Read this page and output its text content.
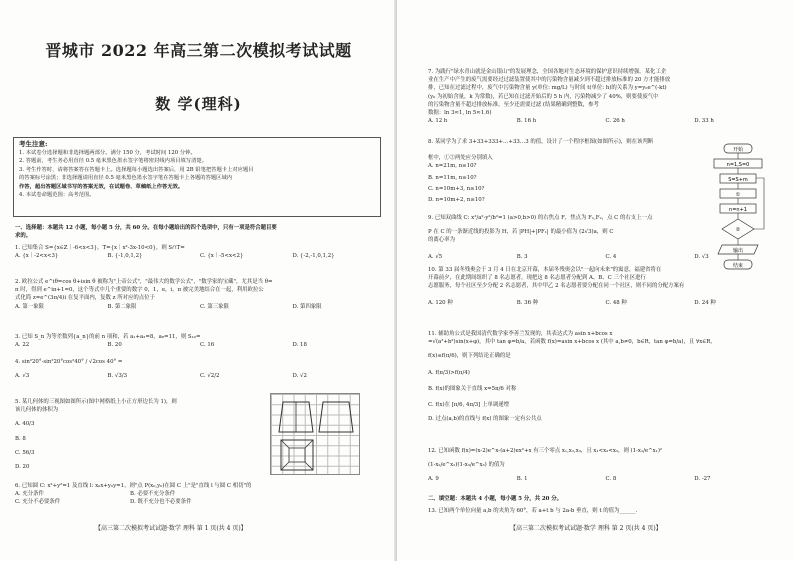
晋城市 2022 年高三第二次模拟考试试题
数 学(理科)
考生注意:
1. 本试卷分选择题和非选择题两部分。满分 150 分，考试时间 120 分钟。
2. 答题前，考生务必用直径 0.5 毫米黑色墨水签字笔将密封线内项目填写清楚。
3. 考生作答时，请将答案答在答题卡上。选择题每小题选出答案后，用 2B 铅笔把答题卡上对应题目
的答案标号涂黑；非选择题请用直径 0.5 毫米黑色墨水签字笔在答题卡上各题的答题区域内
作答，超出答题区域书写的答案无效，在试题卷、草稿纸上作答无效。
4. 本试卷命题范围：高考范围。
一、选择题：本题共 12 小题，每小题 5 分，共 60 分。在每小题给出的四个选项中，只有一项是符合题目要
求的。
1. 已知集合 S={x∈Z｜-6<x<3}，T={x｜x²-3x-10<0}，则 S∩T=
A. {x｜-2<x<3}	B. {-1,0,1,2}	C. {x｜-5<x<2}	D. {-2,-1,0,1,2}
2. 欧拉公式 e^iθ=cos θ+isin θ 被称为"上帝公式"，"最伟大的数学公式"，"数学家的宝藏"，尤其是当 θ=
π 时，得到 e^iπ+1=0，这个等式中几个重要的数字 0，1，e，i，π 被完美地结合在一起，利用欧拉公
式化简 z=e^(3π/4)i 在复平面内，复数 z 所对应的点位于
A. 第一象限	B. 第二象限	C. 第三象限	D. 第四象限
3. 已知 S_n 为等差数列{a_n}的前 n 项和，若 a₁+a₃=8，a₈=11，则 S₁₀=
A. 22	B. 20	C. 16	D. 18
4. sin²20°-sin²20°cos²40° / √2cos 40° =
A. √3	B. √3/3	C. √2/2	D. √2
5. 某几何体的三视图如图所示(图中网格纸上小正方形边长为 1)，则
该几何体的体积为
A. 40/3
B. 8
C. 56/3
D. 20
6. 已知圆 C: x²+y²=1 及直线 l: x₀x+y₀y=1，则"点 P(x₀,y₀)在圆 C 上"是"直线 l 与圆 C 相切"的
A. 充分条件	B. 必要不充分条件
C. 充分不必要条件	D. 既不充分也不必要条件
【高三第二次模拟考试试题·数学 理科 第 1 页(共 4 页)】
7. 为践行"绿水青山就是金山银山"的发展理念，全国各地对生态环境的保护意识持续增强。某化工企
业在生产中产生的废气需要经过过滤装置使其中的污染物含量减少到不超过排放标准的 20 方才能排放
排，已知在过滤过程中，废气中污染物含量 y(单位: mg/L) 与时间 t(单位: h)的关系为 y=y₀e^(-kt)
(y₀ 为初始含量，k 为常数)，若已知在过滤开始后的 5 h 内，污染物减少了 40%，则要使废气中
的污染物含量不超过排放标准，至少还需要过滤 (结果精确到整数，参考
数据：ln 3≈1, ln 5≈1.6)
A. 12 h	B. 16 h	C. 26 h	D. 33 h
8. 某同学为了求 3+33+333+…+33…3 的值，设计了一个程序框图(如图所示)，则在该判断
框中，①②两处应分别填入
A. n=21m, n≥10?
B. n=11m, n≥10?
C. n=10m+3, n≥10?
D. n=10m+2, n≥10?
开始
n=1,S=0
S=S+m
①
n=n+1
②
输出
结束
9. 已知双曲线 C: x²/a²-y²/b²=1 (a>0,b>0) 的右焦点 F，焦点为 F₁,F₂，点 C 的右支上一点
P 在 C 的一条渐近线的投影为 H，若 |PH|+|PF₁| 的最小值为 (2√3)a，则 C
的离心率为
A. √5	B. 3	C. 4	D. √3
10. 第 33 届冬残奥会于 3 月 4 日在北京开幕，本届冬残奥会以"一起向未来"的寓意，福建省将在
开幕前夕，在此期间组织了 8 名志愿者，现把这 8 名志愿者分配到 A、B、C 三个社区进行
志愿服务，每个社区至少分配 2 名志愿者，其中甲乙 2 名志愿者要分配在同一个社区，则不同的分配方案有
A. 120 种	B. 36 种	C. 48 种	D. 24 种
11. 辅助角公式是我国清代数学家李善兰发现的，其表达式为 asin x+bcos x
=√(a²+b²)sin(x+φ)，其中 tan φ=b/a，若函数 f(x)=asin x+bcos x (其中 a,b≠0，b∈R，tan φ=b/a)，且 ∀x∈R，
f(x)≤f(π/6)，则下列结论正确的是
A. f(π/3)>f(π/4)
B. f(x)的图象关于直线 x=5π/6 对称
C. f(x)在 [π/6, 4π/3] 上单调递增
D. 过点(a,b)的直线与 f(x) 的图象一定有公共点
12. 已知函数 f(x)=(x-2)e^x-(a+2)ex²+x 有三个零点 x₁,x₂,x₃，且 x₁<x₂<x₃，则 (1-x₁/e^x₁)²
(1-x₂/e^x₂)(1-x₃/e^x₃) 的值为
A. 9	B. 1	C. 8	D. -27
二、填空题：本题共 4 小题，每小题 5 分，共 20 分。
13. 已知两个单位向量 a,b 的夹角为 60°，若 a+t b 与 2a-b 垂直，则 t 的值为______.
【高三第二次模拟考试试题·数学 理科 第 2 页(共 4 页)】
